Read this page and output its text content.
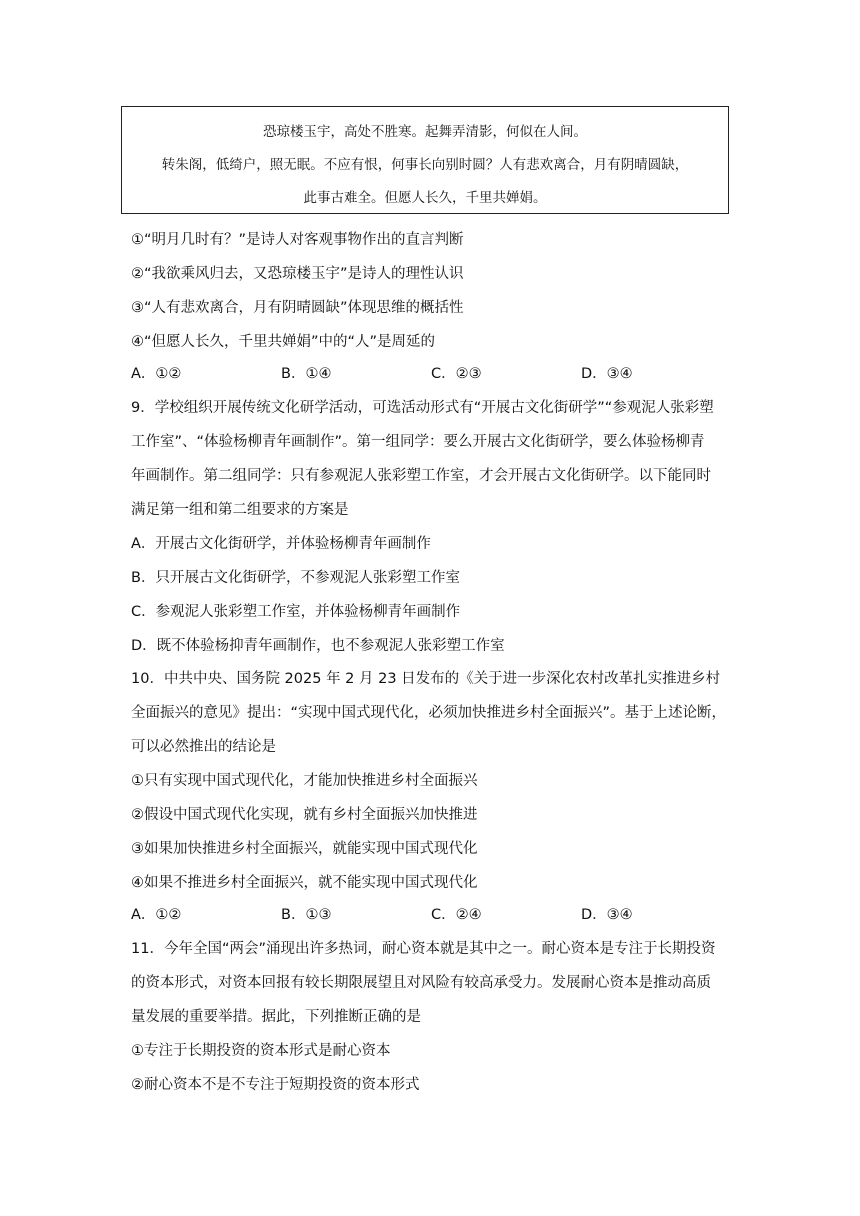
恐琼楼玉宇，高处不胜寒。起舞弄清影，何似在人间。
转朱阁，低绮户，照无眠。不应有恨，何事长向别时圆？人有悲欢离合，月有阴晴圆缺，
此事古难全。但愿人长久，千里共婵娟。
①“明月几时有？”是诗人对客观事物作出的直言判断
②“我欲乘风归去，又恐琼楼玉宇”是诗人的理性认识
③“人有悲欢离合，月有阴晴圆缺”体现思维的概括性
④“但愿人长久，千里共婵娟”中的“人”是周延的
A．①②	B．①④	C．②③	D．③④
9．学校组织开展传统文化研学活动，可选活动形式有“开展古文化街研学”“参观泥人张彩塑
工作室”、“体验杨柳青年画制作”。第一组同学：要么开展古文化街研学，要么体验杨柳青
年画制作。第二组同学：只有参观泥人张彩塑工作室，才会开展古文化街研学。以下能同时
满足第一组和第二组要求的方案是
A．开展古文化街研学，并体验杨柳青年画制作
B．只开展古文化街研学，不参观泥人张彩塑工作室
C．参观泥人张彩塑工作室，并体验杨柳青年画制作
D．既不体验杨抑青年画制作，也不参观泥人张彩塑工作室
10．中共中央、国务院 2025 年 2 月 23 日发布的《关于进一步深化农村改革扎实推进乡村
全面振兴的意见》提出：“实现中国式现代化，必须加快推进乡村全面振兴”。基于上述论断，
可以必然推出的结论是
①只有实现中国式现代化，才能加快推进乡村全面振兴
②假设中国式现代化实现，就有乡村全面振兴加快推进
③如果加快推进乡村全面振兴，就能实现中国式现代化
④如果不推进乡村全面振兴，就不能实现中国式现代化
A．①②	B．①③	C．②④	D．③④
11．今年全国“两会”涌现出许多热词，耐心资本就是其中之一。耐心资本是专注于长期投资
的资本形式，对资本回报有较长期限展望且对风险有较高承受力。发展耐心资本是推动高质
量发展的重要举措。据此，下列推断正确的是
①专注于长期投资的资本形式是耐心资本
②耐心资本不是不专注于短期投资的资本形式
